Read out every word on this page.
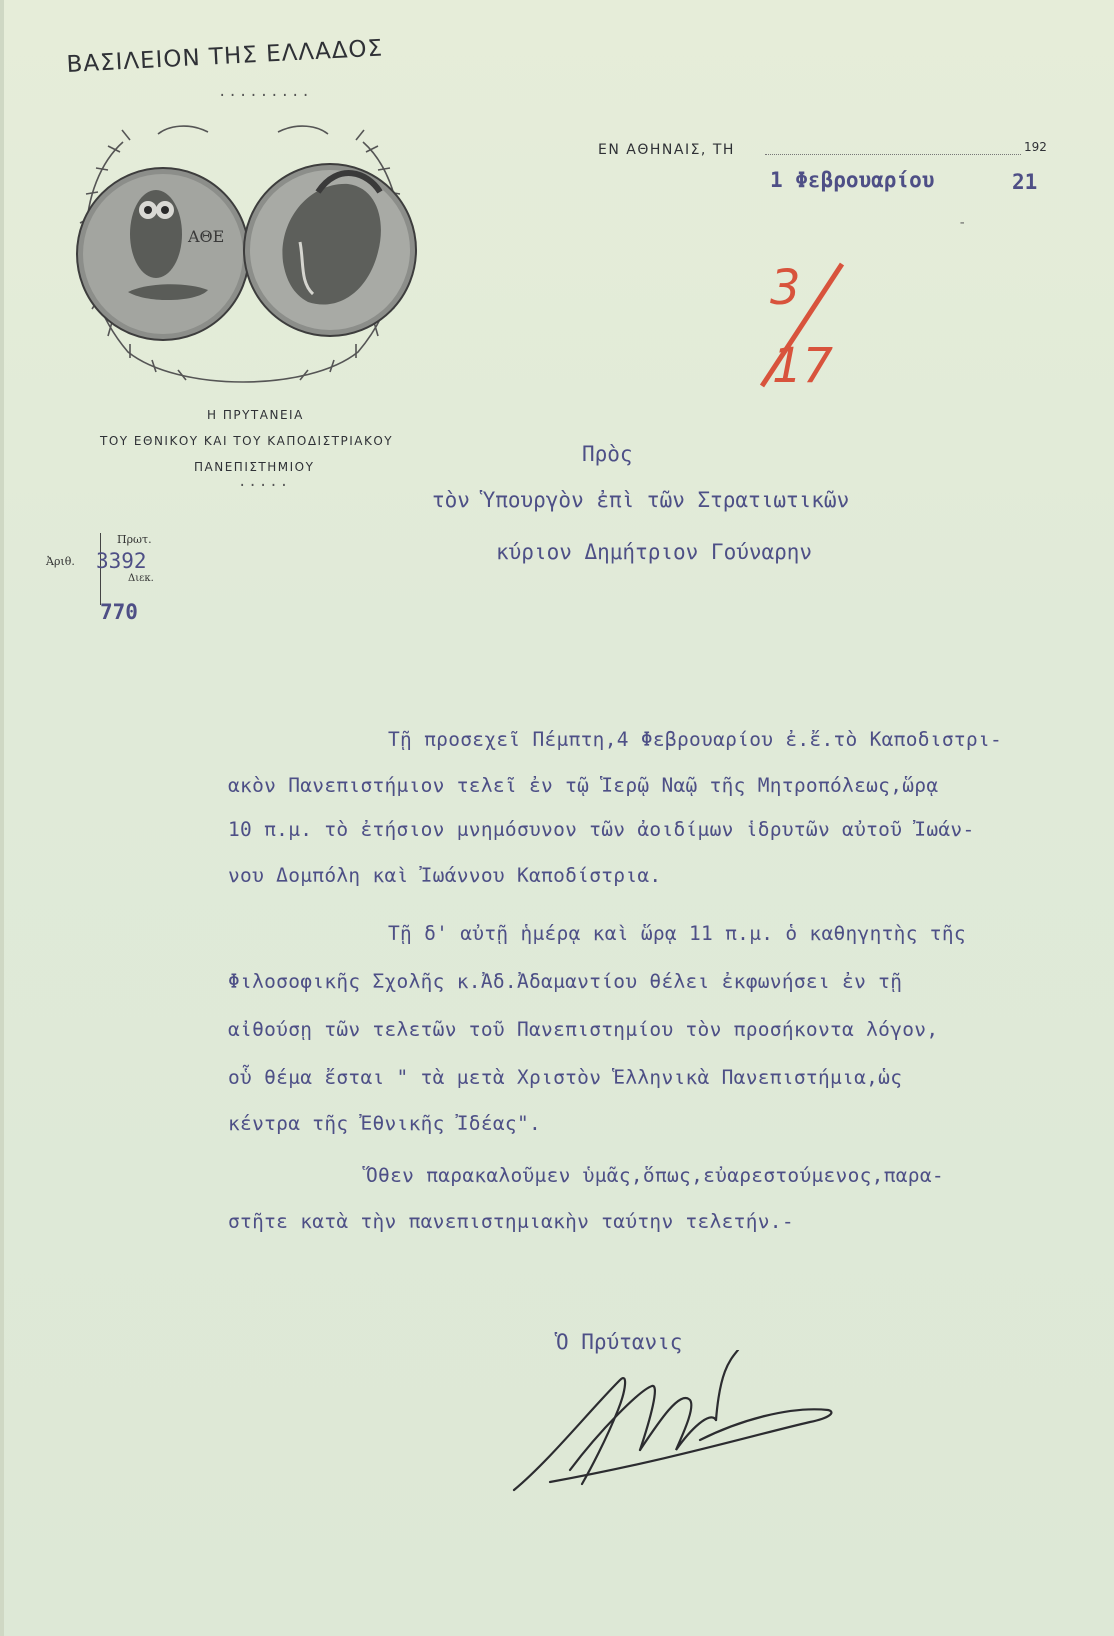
ΒΑΣΙΛΕΙΟΝ ΤΗΣ ΕΛΛΑΔΟΣ
·········
ΑΘΕ
Η ΠΡΥΤΑΝΕΙΑ
ΤΟΥ ΕΘΝΙΚΟΥ ΚΑΙ ΤΟΥ ΚΑΠΟΔΙΣΤΡΙΑΚΟΥ
ΠΑΝΕΠΙΣΤΗΜΙΟΥ
·····
Πρωτ.
Ἀριθ. 3392
Διεκ.
770
ΕΝ ΑΘΗΝΑΙΣ, ΤΗ	192
1 Φεβρουαρίου	21
-
3
17
Πρὸς
τὸν Ὑπουργὸν ἐπὶ τῶν Στρατιωτικῶν
κύριον Δημήτριον Γούναρην
Τῇ προσεχεῖ Πέμπτη,4 Φεβρουαρίου ἐ.ἔ.τὸ Καποδιστρι-
ακὸν Πανεπιστήμιον τελεῖ ἐν τῷ Ἱερῷ Ναῷ τῆς Μητροπόλεως,ὥρᾳ
10 π.μ. τὸ ἐτήσιον μνημόσυνον τῶν ἀοιδίμων ἱδρυτῶν αὐτοῦ Ἰωάν-
νου Δομπόλη καὶ Ἰωάννου Καποδίστρια.
Τῇ δ' αὐτῇ ἡμέρᾳ καὶ ὥρᾳ 11 π.μ. ὁ καθηγητὴς τῆς
Φιλοσοφικῆς Σχολῆς κ.Ἀδ.Ἀδαμαντίου θέλει ἐκφωνήσει ἐν τῇ
αἰθούσῃ τῶν τελετῶν τοῦ Πανεπιστημίου τὸν προσήκοντα λόγον,
οὗ θέμα ἔσται " τὰ μετὰ Χριστὸν Ἑλληνικὰ Πανεπιστήμια,ὡς
κέντρα τῆς Ἐθνικῆς Ἰδέας".
Ὅθεν παρακαλοῦμεν ὑμᾶς,ὅπως,εὐαρεστούμενος,παρα-
στῆτε κατὰ τὴν πανεπιστημιακὴν ταύτην τελετήν.-
Ὁ Πρύτανις
